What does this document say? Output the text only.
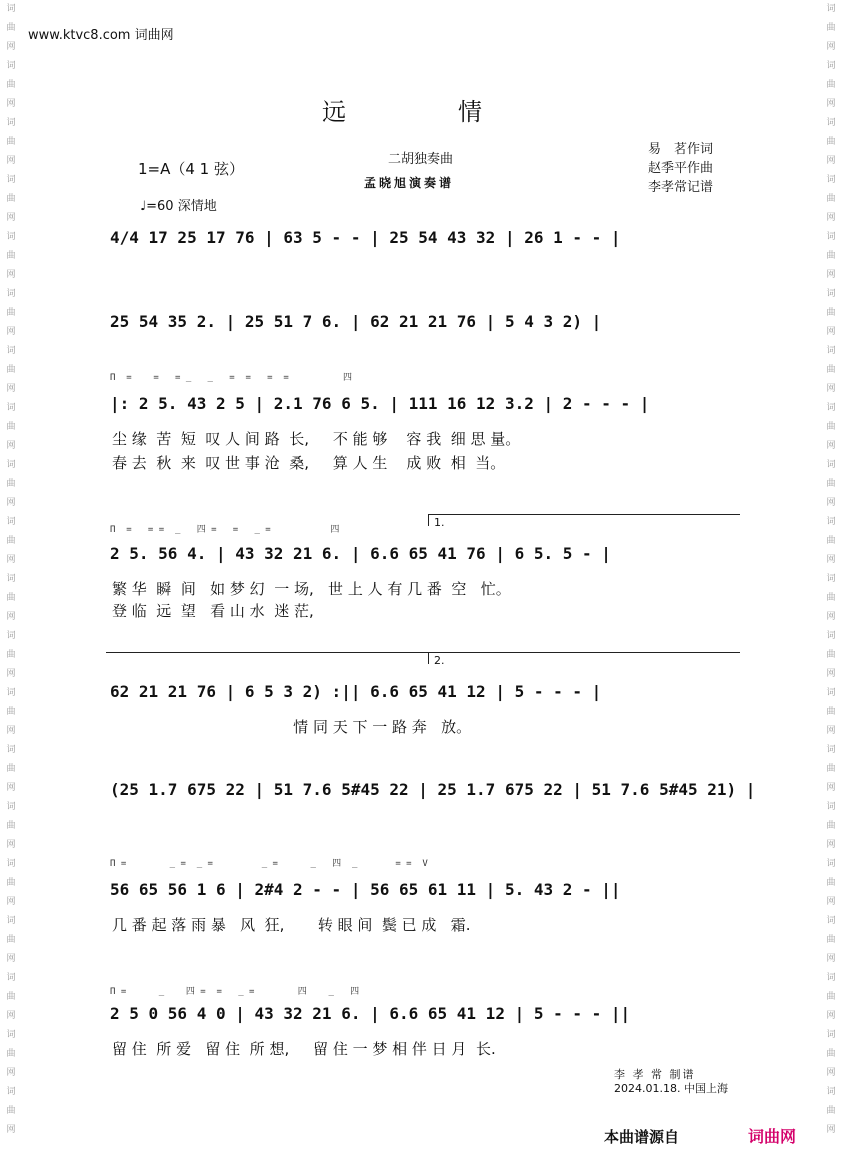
词
曲
网
词
曲
网
词
曲
网
词
曲
网
词
曲
网
词
曲
网
词
曲
网
词
曲
网
词
曲
网
词
曲
网
词
曲
网
词
曲
网
词
曲
网
词
曲
网
词
曲
网
词
曲
网
词
曲
网
词
曲
网
词
曲
网
词
曲
网
词
曲
网
词
曲
网
词
曲
网
词
曲
网
词
曲
网
词
曲
网
词
曲
网
词
曲
网
词
曲
网
词
曲
网
词
曲
网
词
曲
网
词
曲
网
词
曲
网
词
曲
网
词
曲
网
词
曲
网
词
曲
网
词
曲
网
词
曲
网
www.ktvc8.com 词曲网
远	情
二胡独奏曲
孟晓旭演奏谱
易　茗作词
赵季平作曲
李孝常记谱
1=A（4 1 弦）
♩=60 深情地
4/4 17 25 17 76 | 63 5 - - | 25 54 43 32 | 26 1 - - |
25 54 35 2. | 25 51 7 6. | 62 21 21 76 | 5 4 3 2) |
П  =    =   = _   _   =  =   =  =          四
|: 2 5. 43 2 5 | 2.1 76 6 5. | 111 16 12 3.2 | 2 - - - |
尘 缘  苦  短  叹 人 间 路  长,     不 能 够    容 我  细 思 量。
春 去  秋  来  叹 世 事 沧  桑,     算 人 生    成 败  相  当。
1.
П  =   = =  _   四 =   =   _ =           四
2 5. 56 4. | 43 32 21 6. | 6.6 65 41 76 | 6 5. 5 - |
繁 华  瞬  间   如 梦 幻  一 场,   世 上 人 有 几 番  空   忙。
登 临  远  望   看 山 水  迷 茫,
2.
62 21 21 76 | 6 5 3 2) :|| 6.6 65 41 12 | 5 - - - |
情 同 天 下 一 路 奔   放。
(25 1.7 675 22 | 51 7.6 5#45 22 | 25 1.7 675 22 | 51 7.6 5#45 21) |
П =        _ =  _ =         _ =      _   四  _       = =  V
56 65 56 1 6 | 2#4 2 - - | 56 65 61 11 | 5. 43 2 - ||
几 番 起 落 雨 暴   风  狂,       转 眼 间  鬓 已 成   霜.
П =      _    四 =  =   _ =        四    _   四
2 5 0 56 4 0 | 43 32 21 6. | 6.6 65 41 12 | 5 - - - ||
留 住  所 爱   留 住  所 想,     留 住 一 梦 相 伴 日 月  长.
李 孝 常 制谱
2024.01.18. 中国上海
本曲谱源自	词曲网
